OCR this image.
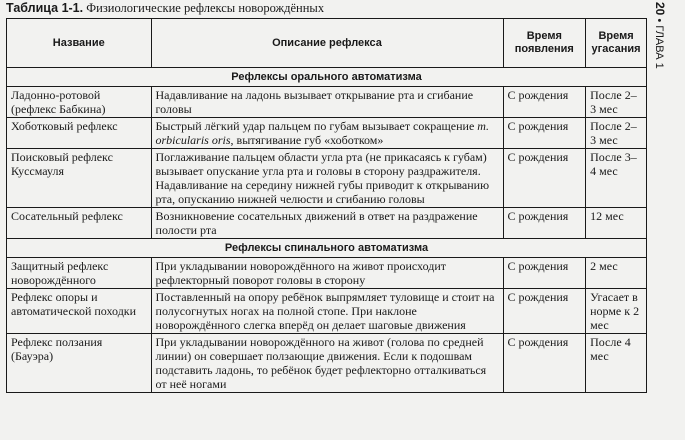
Таблица 1-1. Физиологические рефлексы новорождённых	20 • ГЛАВА 1
Название	Описание рефлекса	Время появления	Время угасания
Рефлексы орального автоматизма			
Ладонно-ротовой (рефлекс Бабкина)	Надавливание на ладонь вызывает открывание рта и сгибание головы	С рождения	После 2–3 мес
Хоботковый рефлекс	Быстрый лёгкий удар пальцем по губам вызывает сокращение m. orbicularis oris, вытягивание губ «хоботком»	С рождения	После 2–3 мес
Поисковый рефлекс Куссмауля	Поглаживание пальцем области угла рта (не прикасаясь к губам) вызывает опускание угла рта и головы в сторону раздражителя. Надавливание на середину нижней губы приводит к открыванию рта, опусканию нижней челюсти и сгибанию головы	С рождения	После 3–4 мес
Сосательный рефлекс	Возникновение сосательных движений в ответ на раздражение полости рта	С рождения	12 мес
Рефлексы спинального автоматизма			
Защитный рефлекс новорождённого	При укладывании новорождённого на живот происходит рефлекторный поворот головы в сторону	С рождения	2 мес
Рефлекс опоры и автоматической походки	Поставленный на опору ребёнок выпрямляет туловище и стоит на полусогнутых ногах на полной стопе. При наклоне новорождённого слегка вперёд он делает шаговые движения	С рождения	Угасает в норме к 2 мес
Рефлекс ползания (Бауэра)	При укладывании новорождённого на живот (голова по средней линии) он совершает ползающие движения. Если к подошвам подставить ладонь, то ребёнок будет рефлекторно отталкиваться от неё ногами	С рождения	После 4 мес
